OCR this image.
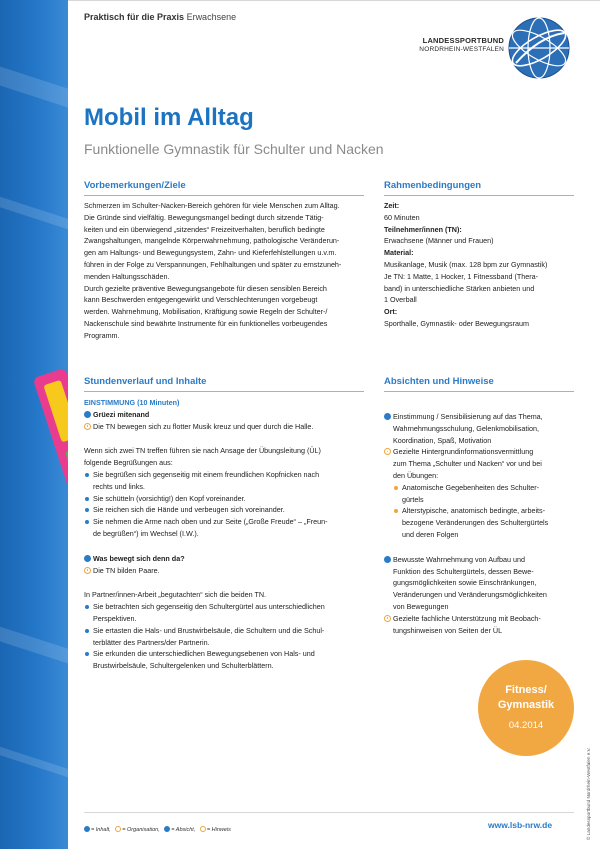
Praktisch für die Praxis Erwachsene
LANDESSPORTBUND
NORDRHEIN-WESTFALEN
Mobil im Alltag
Funktionelle Gymnastik für Schulter und Nacken
Vorbemerkungen/Ziele

Schmerzen im Schulter-Nacken-Bereich gehören für viele Menschen zum Alltag.

Die Gründe sind vielfältig. Bewegungsmangel bedingt durch sitzende Tätig-

keiten und ein überwiegend „sitzendes“ Freizeitverhalten, beruflich bedingte

Zwangshaltungen, mangelnde Körperwahrnehmung, pathologische Veränderun-

gen am Haltungs- und Bewegungsystem, Zahn- und Kieferfehlstellungen u.v.m.

führen in der Folge zu Verspannungen, Fehlhaltungen und später zu ernstzuneh-

menden Haltungsschäden.

Durch gezielte präventive Bewegungsangebote für diesen sensiblen Bereich

kann Beschwerden entgegengewirkt und Verschlechterungen vorgebeugt

werden. Wahrnehmung, Mobilisation, Kräftigung sowie Regeln der Schulter-/

Nackenschule sind bewährte Instrumente für ein funktionelles vorbeugendes

Programm.

Rahmenbedingungen

Zeit:

60 Minuten

Teilnehmer/innen (TN):

Erwachsene (Männer und Frauen)

Material:

Musikanlage, Musik (max. 128 bpm zur Gymnastik)

Je TN: 1 Matte, 1 Hocker, 1 Fitnessband (Thera-

band) in unterschiedliche Stärken anbieten und

1 Overball

Ort:

Sporthalle, Gymnastik- oder Bewegungsraum

Stundenverlauf und Inhalte

EINSTIMMUNG (10 Minuten)

Grüezi mitenand
Die TN bewegen sich zu flotter Musik kreuz und quer durch die Halle.

Wenn sich zwei TN treffen führen sie nach Ansage der Übungsleitung (ÜL)

folgende Begrüßungen aus:

Sie begrüßen sich gegenseitig mit einem freundlichen Kopfnicken nach
rechts und links.
Sie schütteln (vorsichtig!) den Kopf voreinander.
Sie reichen sich die Hände und verbeugen sich voreinander.
Sie nehmen die Arme nach oben und zur Seite („Große Freude“ – „Freun-
de begrüßen“) im Wechsel (I.W.).
Was bewegt sich denn da?
Die TN bilden Paare.

In Partner/innen-Arbeit „begutachten“ sich die beiden TN.

Sie betrachten sich gegenseitig den Schultergürtel aus unterschiedlichen
Perspektiven.
Sie ertasten die Hals- und Brustwirbelsäule, die Schultern und die Schul-
terblätter des Partners/der Partnerin.
Sie erkunden die unterschiedlichen Bewegungsebenen von Hals- und
Brustwirbelsäule, Schultergelenken und Schulterblättern.
Absichten und Hinweise
Einstimmung / Sensibilisierung auf das Thema,
Wahrnehmungsschulung, Gelenkmobilisation,
Koordination, Spaß, Motivation
Gezielte Hintergrundinformationsvermittlung
zum Thema „Schulter und Nacken“ vor und bei
den Übungen:
Anatomische Gegebenheiten des Schulter-
gürtels
Alterstypische, anatomisch bedingte, arbeits-
bezogene Veränderungen des Schultergürtels
und deren Folgen
Bewusste Wahrnehmung von Aufbau und
Funktion des Schultergürtels, dessen Bewe-
gungsmöglichkeiten sowie Einschränkungen,
Veränderungen und Veränderungsmöglichkeiten
von Bewegungen
Gezielte fachliche Unterstützung mit Beobach-
tungshinweisen von Seiten der ÜL
Fitness/
Gymnastik
04.2014
© Landessportbund Nordrhein-Westfalen e.V.
= Inhalt, = Organisation, = Absicht, = Hinweis	www.lsb-nrw.de
